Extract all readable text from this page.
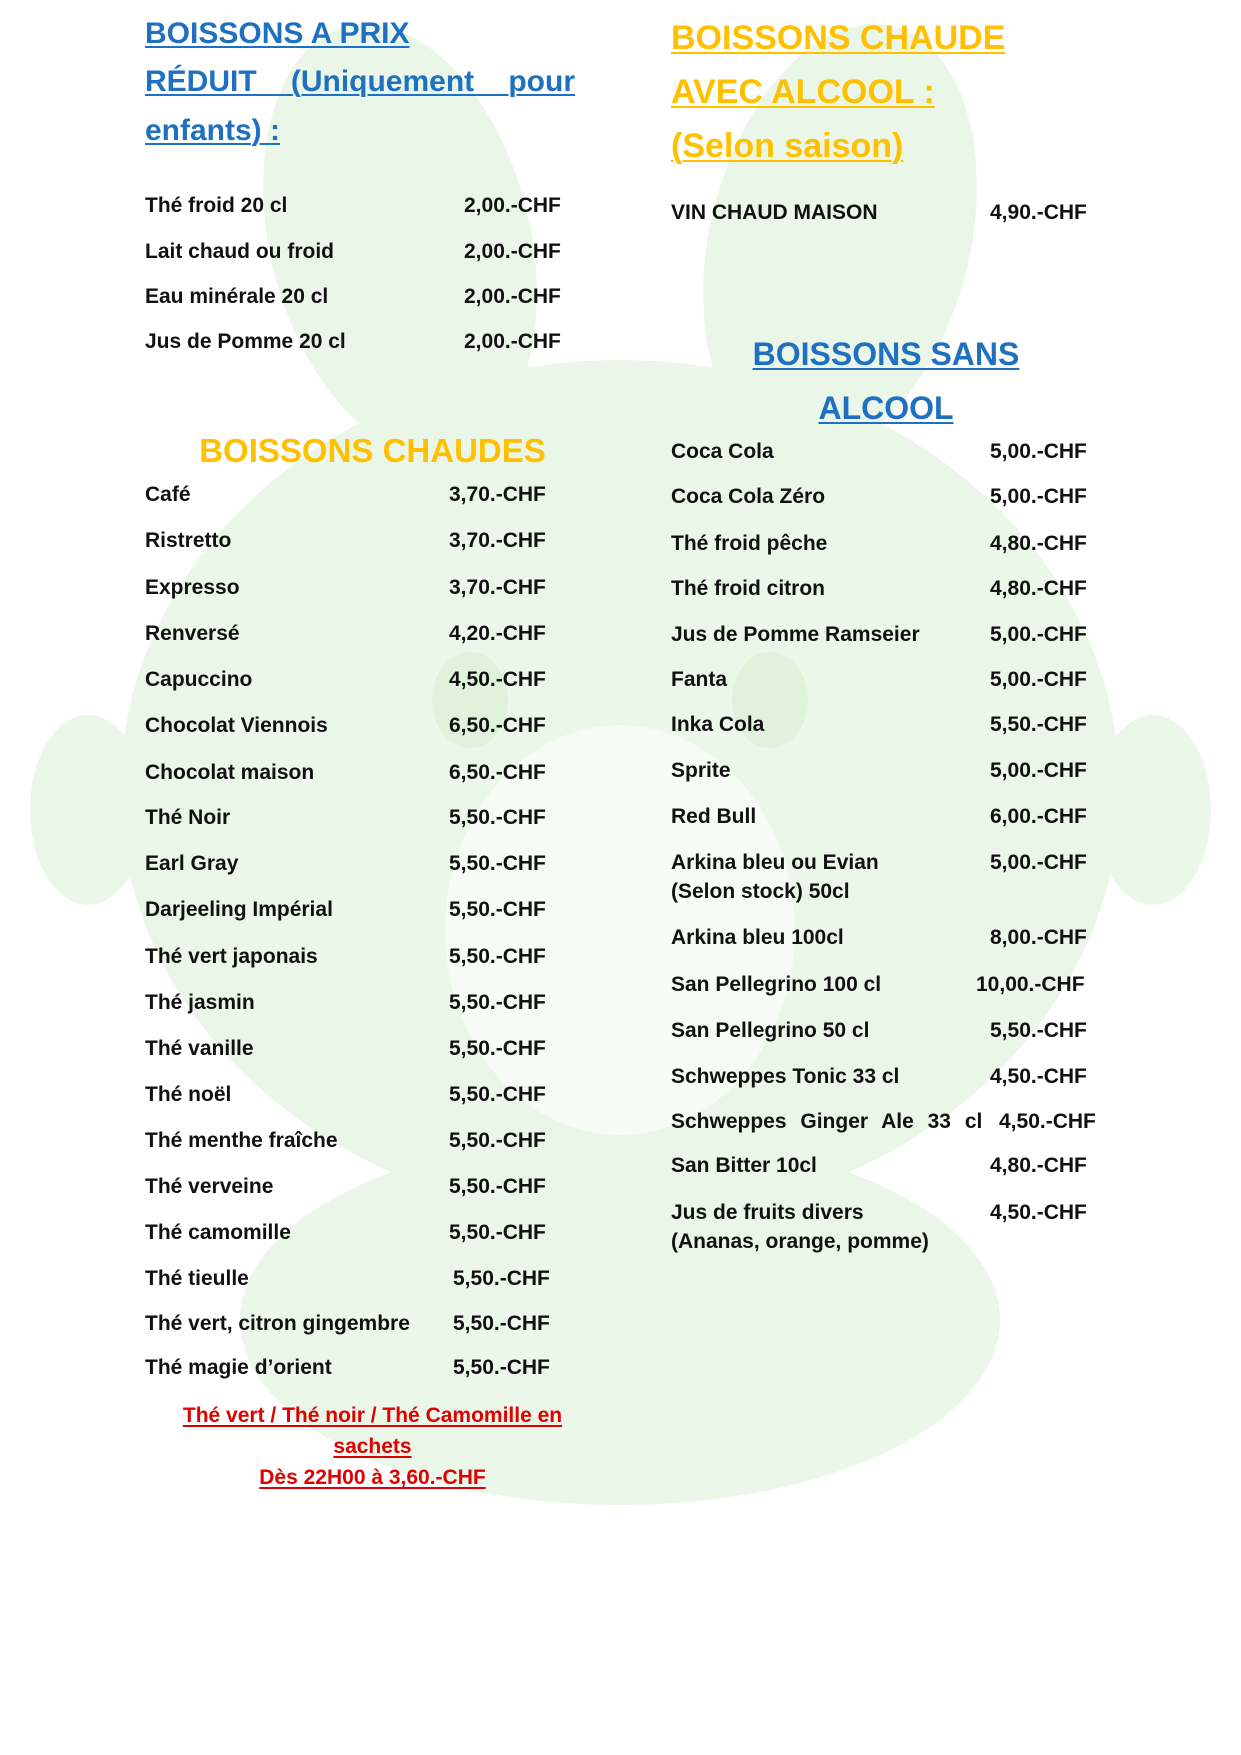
BOISSONS A PRIX
RÉDUIT (Uniquement pour
enfants) :
Thé froid 20 cl	2,00.-CHF
Lait chaud ou froid	2,00.-CHF
Eau minérale 20 cl	2,00.-CHF
Jus de Pomme 20 cl	2,00.-CHF
BOISSONS CHAUDES
Café	3,70.-CHF
Ristretto	3,70.-CHF
Expresso	3,70.-CHF
Renversé	4,20.-CHF
Capuccino	4,50.-CHF
Chocolat Viennois	6,50.-CHF
Chocolat maison	6,50.-CHF
Thé Noir	5,50.-CHF
Earl Gray	5,50.-CHF
Darjeeling Impérial	5,50.-CHF
Thé vert japonais	5,50.-CHF
Thé jasmin	5,50.-CHF
Thé vanille	5,50.-CHF
Thé noël	5,50.-CHF
Thé menthe fraîche	5,50.-CHF
Thé verveine	5,50.-CHF
Thé camomille	5,50.-CHF
Thé tieulle	5,50.-CHF
Thé vert, citron gingembre 5,50.-CHF
Thé magie d’orient	5,50.-CHF
Thé vert / Thé noir / Thé Camomille en
sachets
Dès 22H00 à 3,60.-CHF
BOISSONS CHAUDE
AVEC ALCOOL :
(Selon saison)
VIN CHAUD MAISON	4,90.-CHF
BOISSONS SANS
ALCOOL
Coca Cola	5,00.-CHF
Coca Cola Zéro	5,00.-CHF
Thé froid pêche	4,80.-CHF
Thé froid citron	4,80.-CHF
Jus de Pomme Ramseier	5,00.-CHF
Fanta	5,00.-CHF
Inka Cola	5,50.-CHF
Sprite	5,00.-CHF
Red Bull	6,00.-CHF
Arkina bleu ou Evian
(Selon stock) 50cl
5,00.-CHF
Arkina bleu 100cl	8,00.-CHF
San Pellegrino 100 cl	10,00.-CHF
San Pellegrino 50 cl	5,50.-CHF
Schweppes Tonic 33 cl	4,50.-CHF
Schweppes Ginger Ale 33 cl 4,50.-CHF
San Bitter 10cl	4,80.-CHF
Jus de fruits divers
(Ananas, orange, pomme)
4,50.-CHF
